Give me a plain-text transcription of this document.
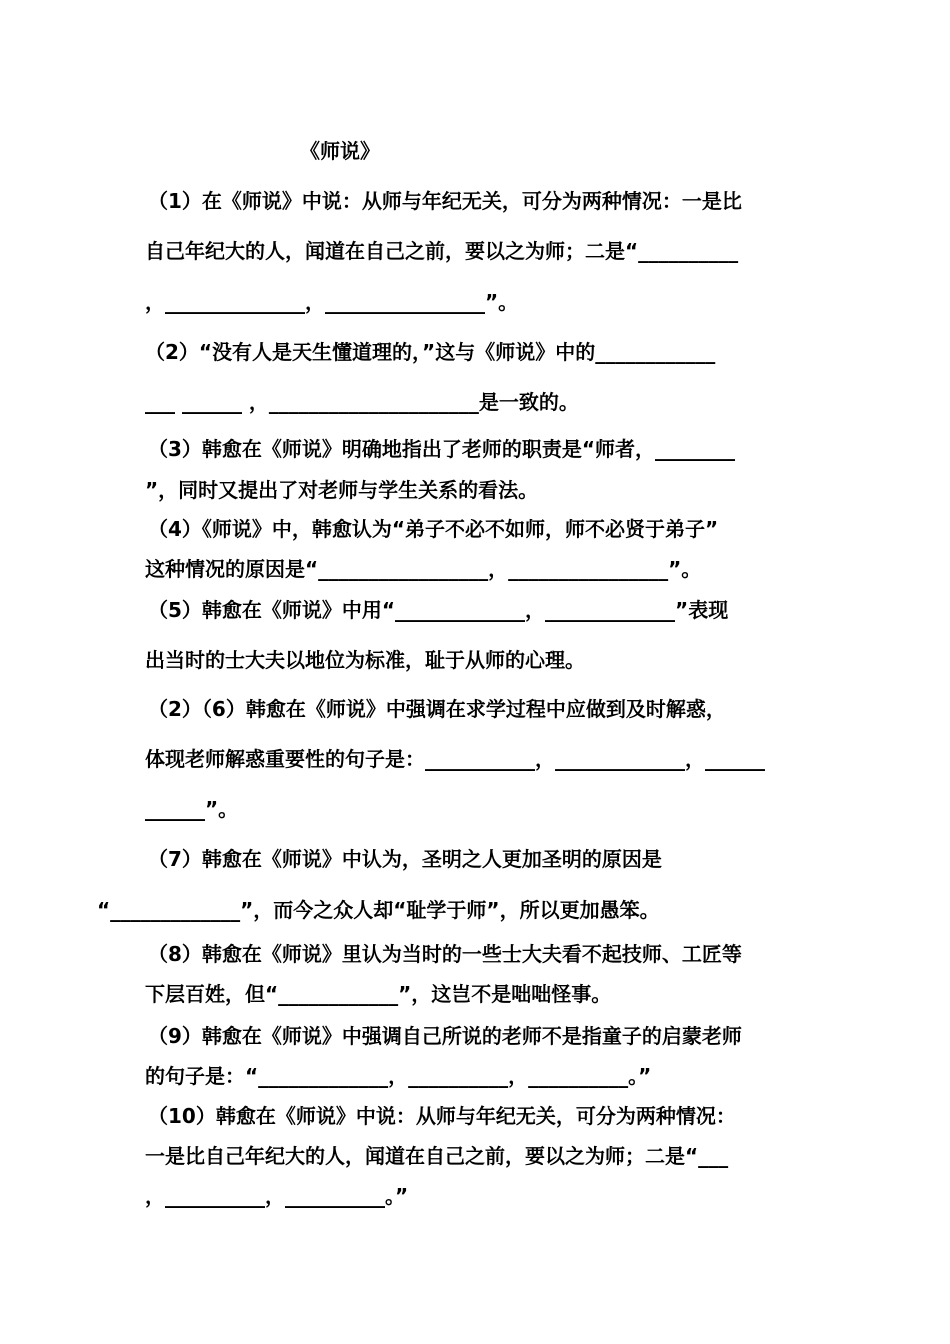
《师说》
（1）在《师说》中说：从师与年纪无关，可分为两种情况：一是比
自己年纪大的人，闻道在自己之前，要以之为师；二是“__________
，______________，________________”。
（2）“没有人是天生懂道理的，”这与《师说》中的____________
___ ______ ，_____________________是一致的。
（3）韩愈在《师说》明确地指出了老师的职责是“师者，________
”，同时又提出了对老师与学生关系的看法。
（4）《师说》中，韩愈认为“弟子不必不如师，师不必贤于弟子”
这种情况的原因是“_________________，________________”。
（5）韩愈在《师说》中用“_____________，_____________”表现
出当时的士大夫以地位为标准，耻于从师的心理。
（2）（6）韩愈在《师说》中强调在求学过程中应做到及时解惑，
体现老师解惑重要性的句子是：___________，_____________，______
______”。
（7）韩愈在《师说》中认为，圣明之人更加圣明的原因是
“_____________”，而今之众人却“耻学于师”，所以更加愚笨。
（8）韩愈在《师说》里认为当时的一些士大夫看不起技师、工匠等
下层百姓，但“____________”，这岂不是咄咄怪事。
（9）韩愈在《师说》中强调自己所说的老师不是指童子的启蒙老师
的句子是：“_____________，__________，__________。”
（10）韩愈在《师说》中说：从师与年纪无关，可分为两种情况：
一是比自己年纪大的人，闻道在自己之前，要以之为师；二是“___
，__________，__________。”
